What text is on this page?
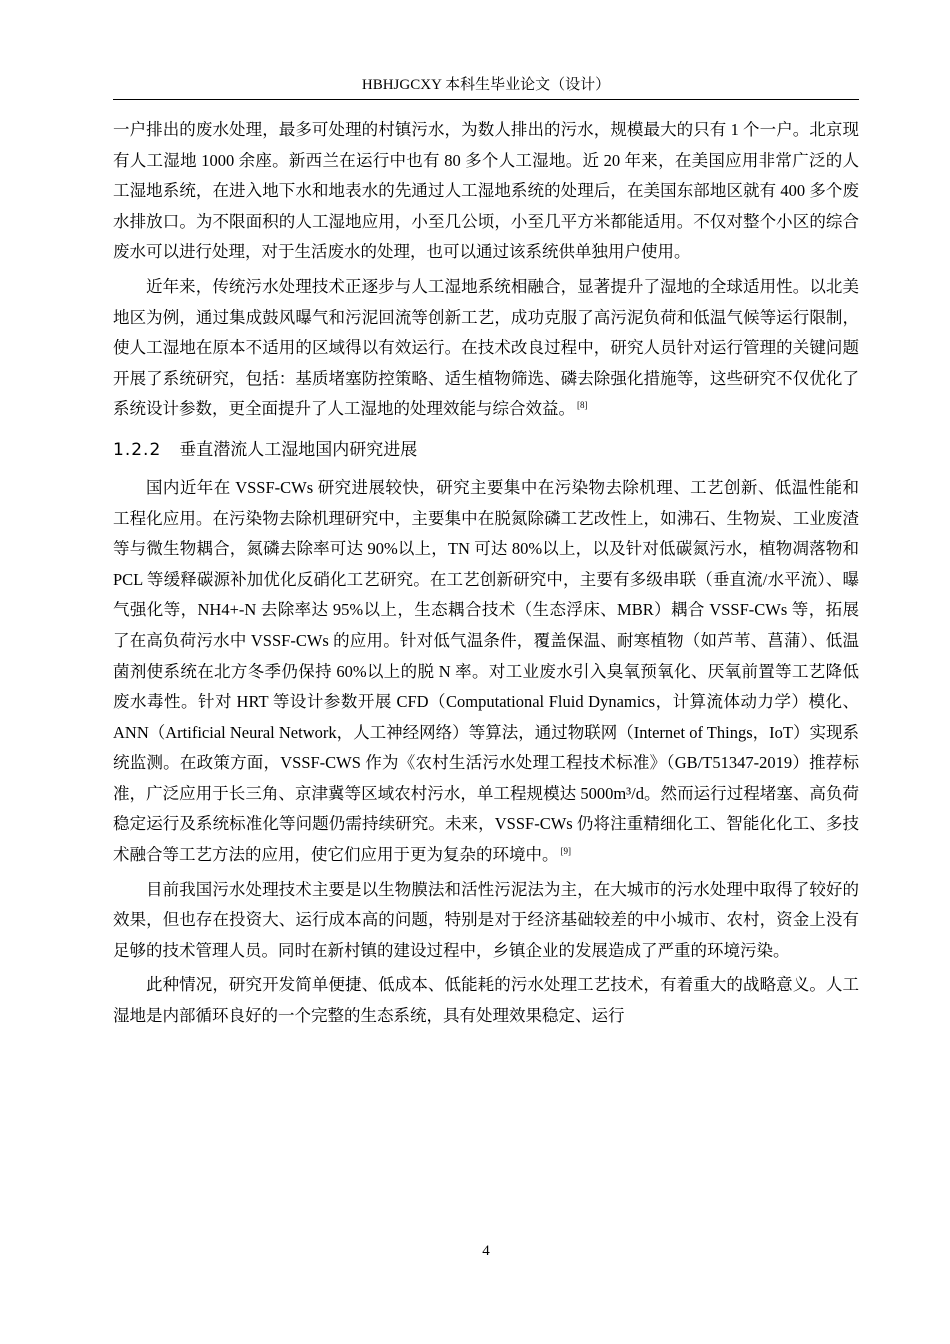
HBHJGCXY 本科生毕业论文（设计）

一户排出的废水处理，最多可处理的村镇污水，为数人排出的污水，规模最大的只有 1 个一户。北京现有人工湿地 1000 余座。新西兰在运行中也有 80 多个人工湿地。近 20 年来，在美国应用非常广泛的人工湿地系统，在进入地下水和地表水的先通过人工湿地系统的处理后，在美国东部地区就有 400 多个废水排放口。为不限面积的人工湿地应用，小至几公顷，小至几平方米都能适用。不仅对整个小区的综合废水可以进行处理，对于生活废水的处理，也可以通过该系统供单独用户使用。

近年来，传统污水处理技术正逐步与人工湿地系统相融合，显著提升了湿地的全球适用性。以北美地区为例，通过集成鼓风曝气和污泥回流等创新工艺，成功克服了高污泥负荷和低温气候等运行限制，使人工湿地在原本不适用的区域得以有效运行。在技术改良过程中，研究人员针对运行管理的关键问题开展了系统研究，包括：基质堵塞防控策略、适生植物筛选、磷去除强化措施等，这些研究不仅优化了系统设计参数，更全面提升了人工湿地的处理效能与综合效益。 [8]

1.2.2 垂直潜流人工湿地国内研究进展

国内近年在 VSSF-CWs 研究进展较快，研究主要集中在污染物去除机理、工艺创新、低温性能和工程化应用。在污染物去除机理研究中，主要集中在脱氮除磷工艺改性上，如沸石、生物炭、工业废渣等与微生物耦合，氮磷去除率可达 90%以上，TN 可达 80%以上，以及针对低碳氮污水，植物凋落物和 PCL 等缓释碳源补加优化反硝化工艺研究。在工艺创新研究中，主要有多级串联（垂直流/水平流）、曝气强化等，NH4+-N 去除率达 95%以上，生态耦合技术（生态浮床、MBR）耦合 VSSF-CWs 等，拓展了在高负荷污水中 VSSF-CWs 的应用。针对低气温条件，覆盖保温、耐寒植物（如芦苇、菖蒲）、低温菌剂使系统在北方冬季仍保持 60%以上的脱 N 率。对工业废水引入臭氧预氧化、厌氧前置等工艺降低废水毒性。针对 HRT 等设计参数开展 CFD（Computational Fluid Dynamics，计算流体动力学）模化、ANN（Artificial Neural Network，人工神经网络）等算法，通过物联网（Internet of Things，IoT）实现系统监测。在政策方面，VSSF-CWS 作为《农村生活污水处理工程技术标准》（GB/T51347-2019）推荐标准，广泛应用于长三角、京津冀等区域农村污水，单工程规模达 5000m³/d。然而运行过程堵塞、高负荷稳定运行及系统标准化等问题仍需持续研究。未来，VSSF-CWs 仍将注重精细化工、智能化化工、多技术融合等工艺方法的应用，使它们应用于更为复杂的环境中。 [9]

目前我国污水处理技术主要是以生物膜法和活性污泥法为主，在大城市的污水处理中取得了较好的效果，但也存在投资大、运行成本高的问题，特别是对于经济基础较差的中小城市、农村，资金上没有足够的技术管理人员。同时在新村镇的建设过程中，乡镇企业的发展造成了严重的环境污染。

此种情况，研究开发简单便捷、低成本、低能耗的污水处理工艺技术，有着重大的战略意义。人工湿地是内部循环良好的一个完整的生态系统，具有处理效果稳定、运行

4
